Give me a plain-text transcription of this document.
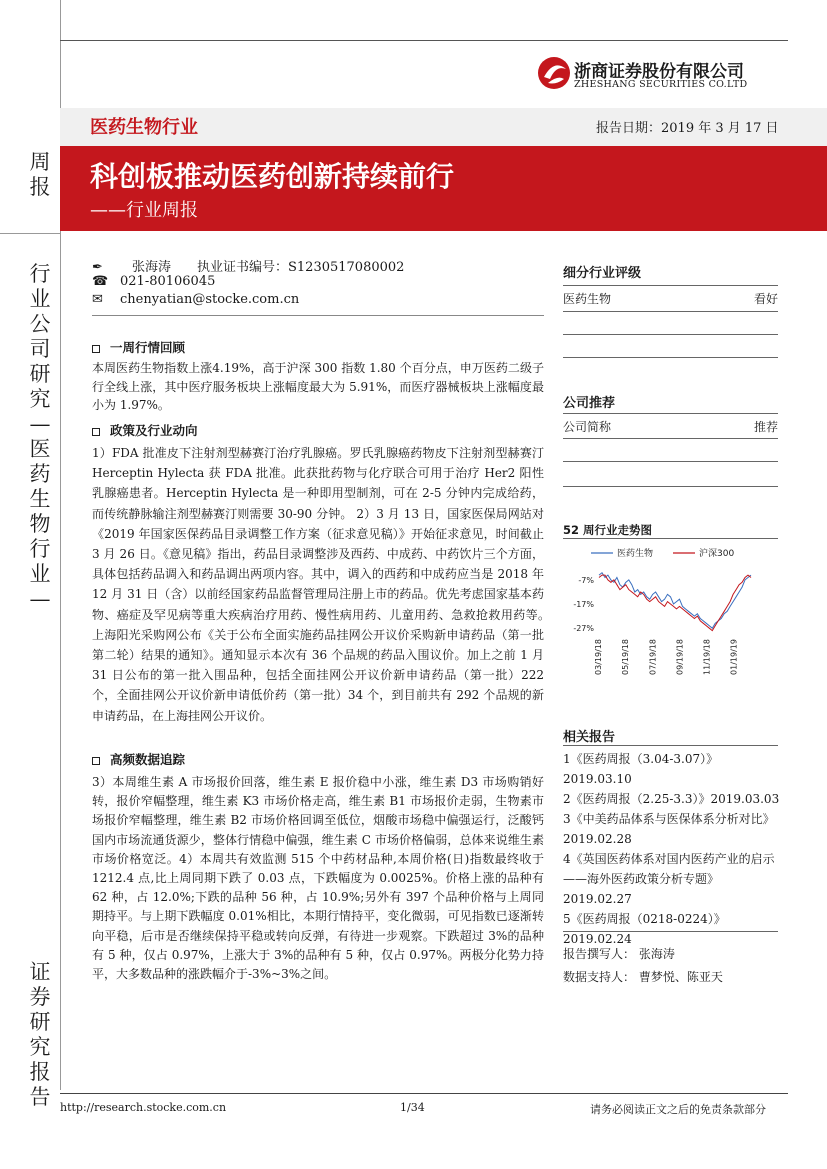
周
报
行
业
公
司
研
究
—
医
药
生
物
行
业
—
证
券
研
究
报
告
浙商证券股份有限公司
ZHESHANG SECURITIES CO.LTD
医药生物行业	报告日期：2019 年 3 月 17 日
科创板推动医药创新持续前行
——行业周报
✒ 张海涛　　执业证书编号：S1230517080002
☎ 021-80106045
✉ chenyatian@stocke.com.cn
一周行情回顾
本周医药生物指数上涨4.19%，高于沪深 300 指数 1.80 个百分点，申万医药二级子行全线上涨，其中医疗服务板块上涨幅度最大为 5.91%，而医疗器械板块上涨幅度最小为 1.97%。
政策及行业动向
1）FDA 批准皮下注射剂型赫赛汀治疗乳腺癌。罗氏乳腺癌药物皮下注射剂型赫赛汀 Herceptin Hylecta 获 FDA 批准。此获批药物与化疗联合可用于治疗 Her2 阳性乳腺癌患者。Herceptin Hylecta 是一种即用型制剂，可在 2-5 分钟内完成给药，而传统静脉输注剂型赫赛汀则需要 30-90 分钟。 2）3 月 13 日，国家医保局网站对《2019 年国家医保药品目录调整工作方案（征求意见稿）》开始征求意见，时间截止 3 月 26 日。《意见稿》指出，药品目录调整涉及西药、中成药、中药饮片三个方面，具体包括药品调入和药品调出两项内容。其中，调入的西药和中成药应当是 2018 年 12 月 31 日（含）以前经国家药品监督管理局注册上市的药品。优先考虑国家基本药物、癌症及罕见病等重大疾病治疗用药、慢性病用药、儿童用药、急救抢救用药等。　上海阳光采购网公布《关于公布全面实施药品挂网公开议价采购新申请药品（第一批第二轮）结果的通知》。通知显示本次有 36 个品规的药品入围议价。加上之前 1 月 31 日公布的第一批入围品种，包括全面挂网公开议价新申请药品（第一批）222 个，全面挂网公开议价新申请低价药（第一批）34 个，到目前共有 292 个品规的新申请药品，在上海挂网公开议价。
高频数据追踪
3）本周维生素 A 市场报价回落，维生素 E 报价稳中小涨，维生素 D3 市场购销好转，报价窄幅整理，维生素 K3 市场价格走高，维生素 B1 市场报价走弱，生物素市场报价窄幅整理，维生素 B2 市场价格回调至低位，烟酸市场稳中偏强运行，泛酸钙国内市场流通货源少，整体行情稳中偏强，维生素 C 市场价格偏弱，总体来说维生素市场价格宽泛。4）本周共有效监测 515 个中药材品种,本周价格(日)指数最终收于 1212.4 点,比上周同期下跌了 0.03 点，下跌幅度为 0.0025%。价格上涨的品种有 62 种，占 12.0%;下跌的品种 56 种，占 10.9%;另外有 397 个品种价格与上周同期持平。与上期下跌幅度 0.01%相比，本期行情持平，变化微弱，可见指数已逐渐转向平稳，后市是否继续保持平稳或转向反弹，有待进一步观察。下跌超过 3%的品种有 5 种，仅占 0.97%，上涨大于 3%的品种有 5 种，仅占 0.97%。两极分化势力持平，大多数品种的涨跌幅介于-3%~3%之间。
细分行业评级
医药生物	看好
公司推荐
公司简称	推荐
52 周行业走势图
医药生物	沪深300
-7%
-17%
-27%
03/19/18 05/19/18 07/19/18 09/19/18 11/19/18 01/19/19
相关报告
1《医药周报（3.04-3.07）》2019.03.10
2《医药周报（2.25-3.3）》2019.03.03
3《中美药品体系与医保体系分析对比》2019.02.28
4《英国医药体系对国内医药产业的启示——海外医药政策分析专题》2019.02.27
5《医药周报（0218-0224）》2019.02.24
报告撰写人： 张海涛
数据支持人： 曹梦悦、陈亚天
http://research.stocke.com.cn	1/34	请务必阅读正文之后的免责条款部分
